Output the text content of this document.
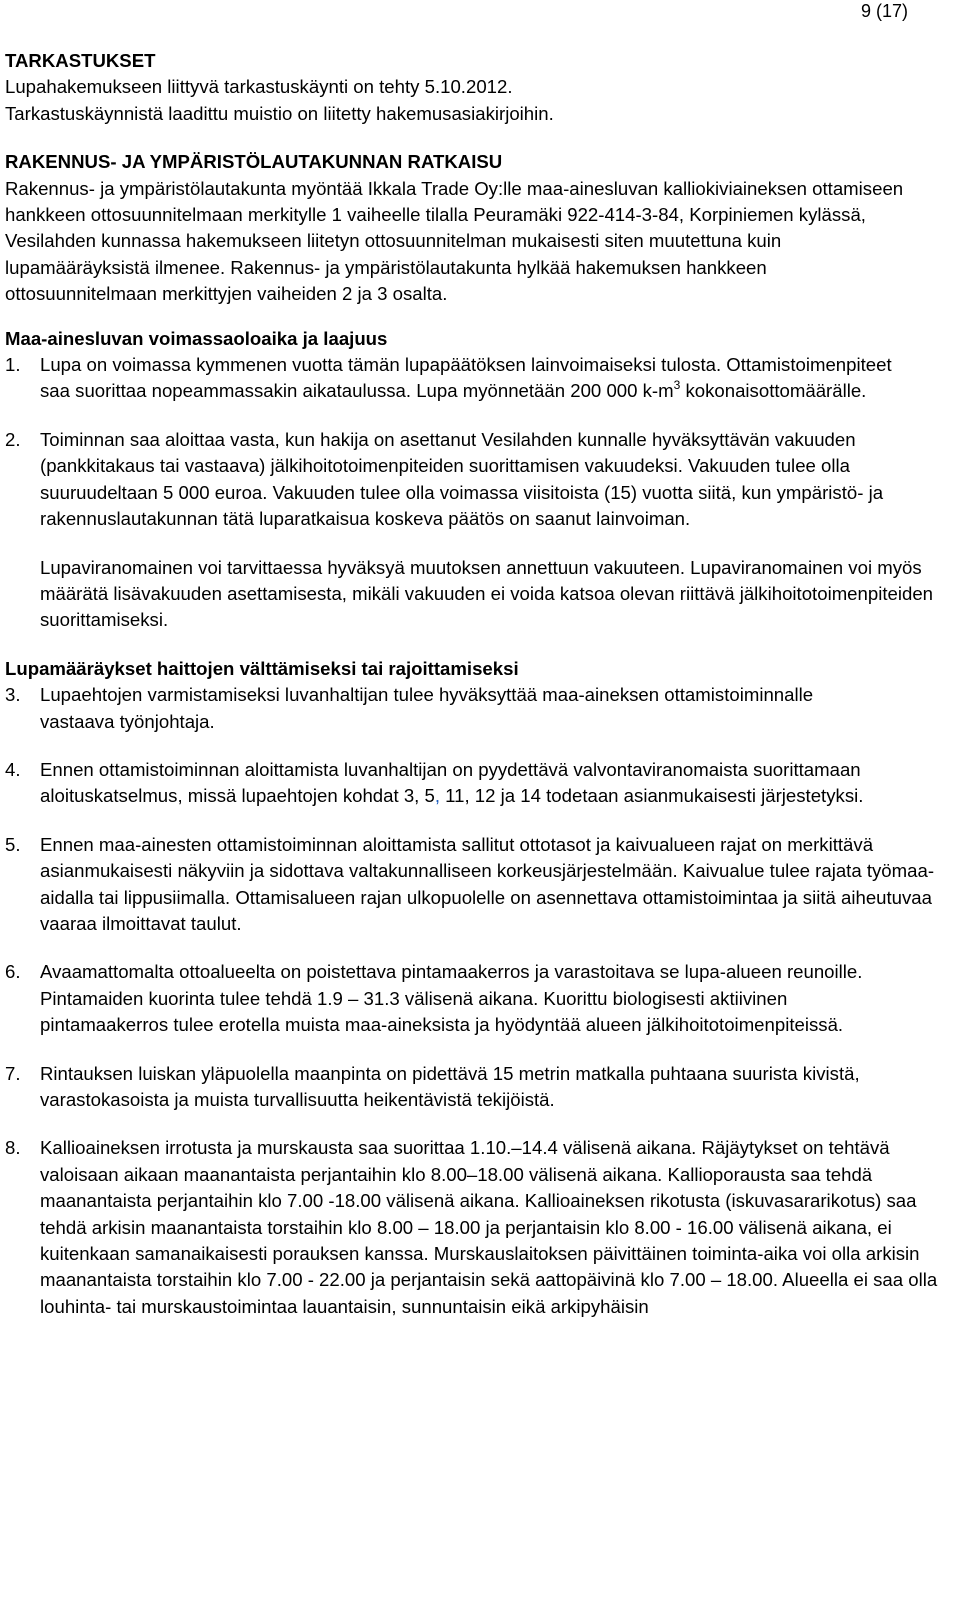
9 (17)

TARKASTUKSET

Lupahakemukseen liittyvä tarkastuskäynti on tehty 5.10.2012. Tarkastuskäynnistä laadittu muistio on liitetty hakemusasiakirjoihin.

RAKENNUS- JA YMPÄRISTÖLAUTAKUNNAN RATKAISU

Rakennus- ja ympäristölautakunta myöntää Ikkala Trade Oy:lle maa-ainesluvan kalliokiviaineksen ottamiseen hankkeen ottosuunnitelmaan merkitylle 1 vaiheelle tilalla Peuramäki 922-414-3-84, Korpiniemen kylässä, Vesilahden kunnassa hakemukseen liitetyn ottosuunnitelman mukaisesti siten muutettuna kuin lupamääräyksistä ilmenee. Rakennus- ja ympäristölautakunta hylkää hakemuksen hankkeen ottosuunnitelmaan merkittyjen vaiheiden 2 ja 3 osalta.

Maa-ainesluvan voimassaoloaika ja laajuus

1.	Lupa on voimassa kymmenen vuotta tämän lupapäätöksen lainvoimaiseksi tulosta. Ottamistoimenpiteet saa suorittaa nopeammassakin aikataulussa. Lupa myönnetään 200 000 $k-m^3$ kokonaisottomäärälle.
2.	Toiminnan saa aloittaa vasta, kun hakija on asettanut Vesilahden kunnalle hyväksyttävän vakuuden (pankkitakaus tai vastaava) jälkihoitotoimenpiteiden suorittamisen vakuudeksi. Vakuuden tulee olla suuruudeltaan 5 000 euroa. Vakuuden tulee olla voimassa viisitoista (15) vuotta siitä, kun ympäristö- ja rakennuslautakunnan tätä luparatkaisua koskeva päätös on saanut lainvoiman.

Lupaviranomainen voi tarvittaessa hyväksyä muutoksen annettuun vakuuteen. Lupaviranomainen voi myös määrätä lisävakuuden asettamisesta, mikäli vakuuden ei voida katsoa olevan riittävä jälkihoitotoimenpiteiden suorittamiseksi.

Lupamääräykset haittojen välttämiseksi tai rajoittamiseksi

3.	Lupaehtojen varmistamiseksi luvanhaltijan tulee hyväksyttää maa-aineksen ottamistoiminnalle vastaava työnjohtaja.
4.	Ennen ottamistoiminnan aloittamista luvanhaltijan on pyydettävä valvontaviranomaista suorittamaan aloituskatselmus, missä lupaehtojen kohdat 3, 5, 11, 12 ja 14 todetaan asianmukaisesti järjestetyksi.
5.	Ennen maa-ainesten ottamistoiminnan aloittamista sallitut ottotasot ja kaivualueen rajat on merkittävä asianmukaisesti näkyviin ja sidottava valtakunnalliseen korkeusjärjestelmään. Kaivualue tulee rajata työmaa-aidalla tai lippusiimalla. Ottamisalueen rajan ulkopuolelle on asennettava ottamistoimintaa ja siitä aiheutuvaa vaaraa ilmoittavat taulut.
6.	Avaamattomalta ottoalueelta on poistettava pintamaakerros ja varastoitava se lupa-alueen reunoille. Pintamaiden kuorinta tulee tehdä 1.9 – 31.3 välisenä aikana. Kuorittu biologisesti aktiivinen pintamaakerros tulee erotella muista maa-aineksista ja hyödyntää alueen jälkihoitotoimenpiteissä.
7.	Rintauksen luiskan yläpuolella maanpinta on pidettävä 15 metrin matkalla puhtaana suurista kivistä, varastokasoista ja muista turvallisuutta heikentävistä tekijöistä.
8.	Kallioaineksen irrotusta ja murskausta saa suorittaa 1.10.–14.4 välisenä aikana. Räjäytykset on tehtävä valoisaan aikaan maanantaista perjantaihin klo 8.00–18.00 välisenä aikana. Kallioporausta saa tehdä maanantaista perjantaihin klo 7.00 -18.00 välisenä aikana. Kallioaineksen rikotusta (iskuvasararikotus) saa tehdä arkisin maanantaista torstaihin klo 8.00 – 18.00 ja perjantaisin klo 8.00 - 16.00 välisenä aikana, ei kuitenkaan samanaikaisesti porauksen kanssa. Murskauslaitoksen päivittäinen toiminta-aika voi olla arkisin maanantaista torstaihin klo 7.00 - 22.00 ja perjantaisin sekä aattopäivinä klo 7.00 – 18.00. Alueella ei saa olla louhinta- tai murskaustoimintaa lauantaisin, sunnuntaisin eikä arkipyhäisin
